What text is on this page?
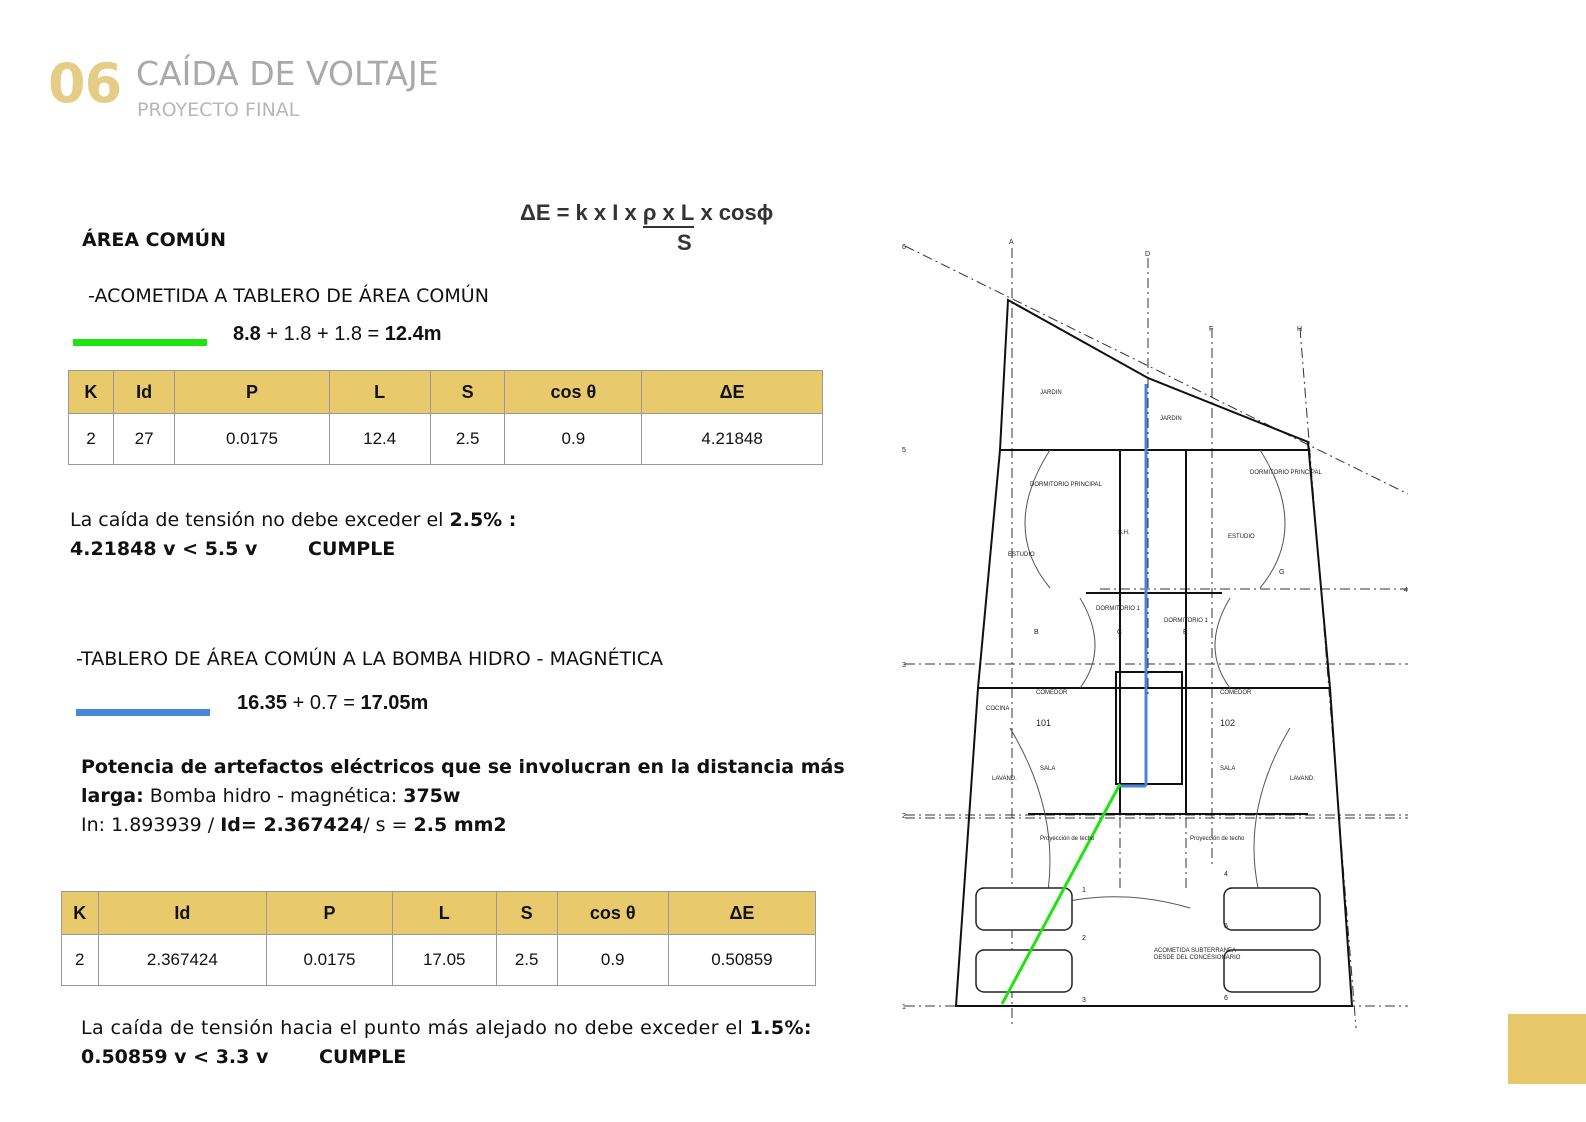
06 CAÍDA DE VOLTAJE
PROYECTO FINAL
ΔE = k x I x ρ x L x cosϕ
S
ÁREA COMÚN
-ACOMETIDA A TABLERO DE ÁREA COMÚN
8.8 + 1.8 + 1.8 = 12.4m
K	Id	P	L	S	cos θ	ΔE
2	27	0.0175	12.4	2.5	0.9	4.21848
La caída de tensión no debe exceder el 2.5% :
4.21848 v < 5.5 v	CUMPLE
-TABLERO DE ÁREA COMÚN A LA BOMBA HIDRO - MAGNÉTICA
16.35 + 0.7 = 17.05m
Potencia de artefactos eléctricos que se involucran en la distancia más
larga: Bomba hidro - magnética: 375w
In: 1.893939 / Id= 2.367424/ s = 2.5 mm2
K	Id	P	L	S	cos θ	ΔE
2	2.367424	0.0175	17.05	2.5	0.9	0.50859
La caída de tensión hacia el punto más alejado no debe exceder el 1.5%:
0.50859 v < 3.3 v	CUMPLE
JARDIN
JARDIN
DORMITORIO PRINCIPAL
DORMITORIO PRINCIPAL
ESTUDIO
ESTUDIO
DORMITORIO 1
DORMITORIO 1
COMEDOR	COMEDOR
COCINA
SALA	SALA
LAVAND.	LAVAND.
101	102
S.H.
Proyección de techo	Proyección de techo
ACOMETIDA SUBTERRANEA
DESDE DEL CONCESIONARIO
A
D
F	H
C	E
B
G
1
2
3
4
5
6
1
2
3
4
5
6
